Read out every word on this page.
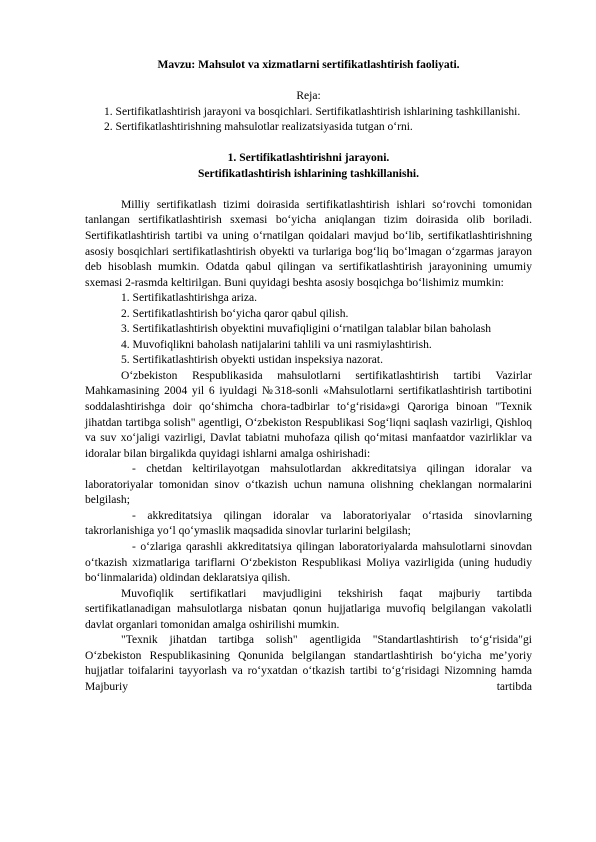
Mavzu: Mahsulot va xizmatlarni sertifikatlashtirish faoliyati.

Reja:
1. Sertifikatlashtirish jarayoni va bosqichlari. Sertifikatlashtirish ishlarining tashkillanishi.
2. Sertifikatlashtirishning mahsulotlar realizatsiyasida tutgan o‘rni.
1. Sertifikatlashtirishni jarayoni.
Sertifikatlashtirish ishlarining tashkillanishi.
Milliy sertifikatlash tizimi doirasida sertifikatlashtirish ishlari so‘rovchi tomonidan tanlangan sertifikatlashtirish sxemasi bo‘yicha aniqlangan tizim doirasida olib boriladi. Sertifikatlashtirish tartibi va uning o‘rnatilgan qoidalari mavjud bo‘lib, sertifikatlashtirishning asosiy bosqichlari sertifikatlashtirish obyekti va turlariga bog‘liq bo‘lmagan o‘zgarmas jarayon deb hisoblash mumkin. Odatda qabul qilingan va sertifikatlashtirish jarayonining umumiy sxemasi 2-rasmda keltirilgan. Buni quyidagi beshta asosiy bosqichga bo‘lishimiz mumkin:
1. Sertifikatlashtirishga ariza.
2. Sertifikatlashtirish bo‘yicha qaror qabul qilish.
3. Sertifikatlashtirish obyektini muvafiqligini o‘rnatilgan talablar bilan baholash
4. Muvofiqlikni baholash natijalarini tahlili va uni rasmiylashtirish.
5. Sertifikatlashtirish obyekti ustidan inspeksiya nazorat.
O‘zbekiston Respublikasida mahsulotlarni sertifikatlashtirish tartibi Vazirlar Mahkamasining 2004 yil 6 iyuldagi №318-sonli «Mahsulotlarni sertifikatlashtirish tartibotini soddalashtirishga doir qo‘shimcha chora-tadbirlar to‘g‘risida»gi Qaroriga binoan "Texnik jihatdan tartibga solish" agentligi, O‘zbekiston Respublikasi Sog‘liqni saqlash vazirligi, Qishloq va suv xo‘jaligi vazirligi, Davlat tabiatni muhofaza qilish qo‘mitasi manfaatdor vazirliklar va idoralar bilan birgalikda quyidagi ishlarni amalga oshirishadi:
- chetdan keltirilayotgan mahsulotlardan akkreditatsiya qilingan idoralar va laboratoriyalar tomonidan sinov o‘tkazish uchun namuna olishning cheklangan normalarini belgilash;
- akkreditatsiya qilingan idoralar va laboratoriyalar o‘rtasida sinovlarning takrorlanishiga yo‘l qo‘ymaslik maqsadida sinovlar turlarini belgilash;
- o‘zlariga qarashli akkreditatsiya qilingan laboratoriyalarda mahsulotlarni sinovdan o‘tkazish xizmatlariga tariflarni O‘zbekiston Respublikasi Moliya vazirligida (uning hududiy bo‘linmalarida) oldindan deklaratsiya qilish.
Muvofiqlik sertifikatlari mavjudligini tekshirish faqat majburiy tartibda sertifikatlanadigan mahsulotlarga nisbatan qonun hujjatlariga muvofiq belgilangan vakolatli davlat organlari tomonidan amalga oshirilishi mumkin.
"Texnik jihatdan tartibga solish" agentligida "Standartlashtirish to‘g‘risida"gi O‘zbekiston Respublikasining Qonunida belgilangan standartlashtirish bo‘yicha me’yoriy hujjatlar toifalarini tayyorlash va ro‘yxatdan o‘tkazish tartibi to‘g‘risidagi Nizomning hamda Majburiy tartibda
